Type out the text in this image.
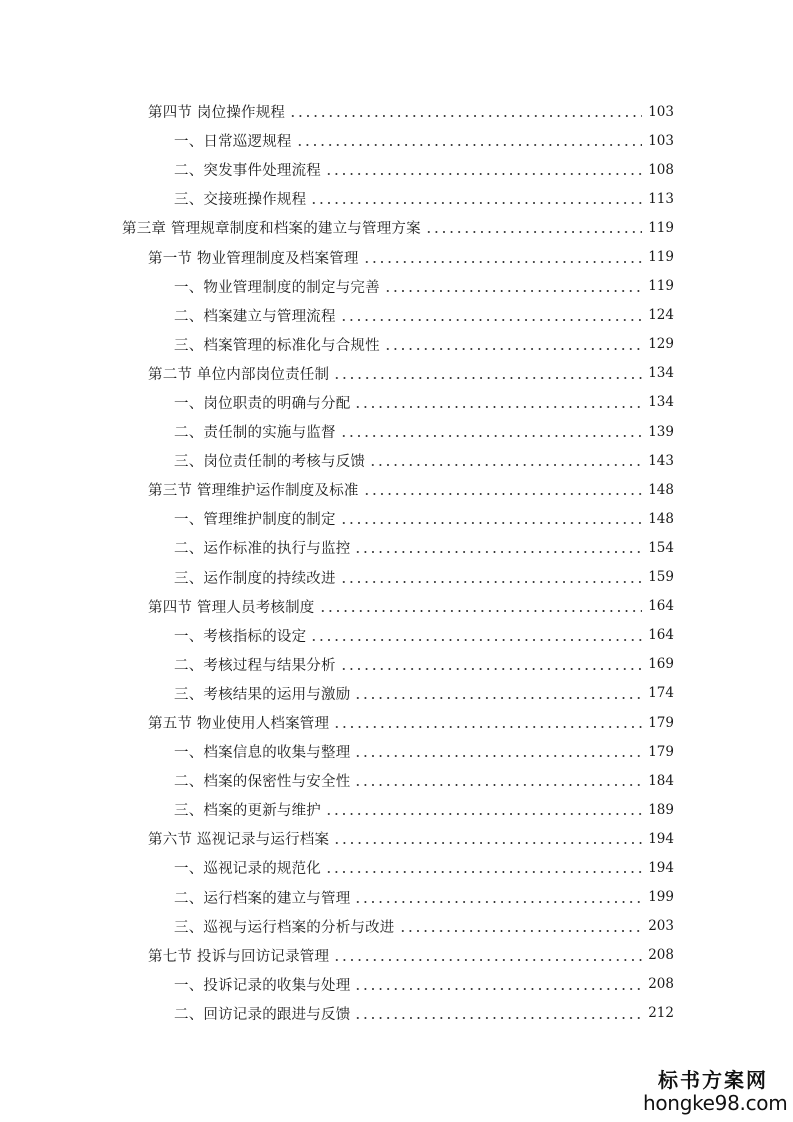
第四节 岗位操作规程	103
一、日常巡逻规程	103
二、突发事件处理流程	108
三、交接班操作规程	113
第三章 管理规章制度和档案的建立与管理方案	119
第一节 物业管理制度及档案管理	119
一、物业管理制度的制定与完善	119
二、档案建立与管理流程	124
三、档案管理的标准化与合规性	129
第二节 单位内部岗位责任制	134
一、岗位职责的明确与分配	134
二、责任制的实施与监督	139
三、岗位责任制的考核与反馈	143
第三节 管理维护运作制度及标准	148
一、管理维护制度的制定	148
二、运作标准的执行与监控	154
三、运作制度的持续改进	159
第四节 管理人员考核制度	164
一、考核指标的设定	164
二、考核过程与结果分析	169
三、考核结果的运用与激励	174
第五节 物业使用人档案管理	179
一、档案信息的收集与整理	179
二、档案的保密性与安全性	184
三、档案的更新与维护	189
第六节 巡视记录与运行档案	194
一、巡视记录的规范化	194
二、运行档案的建立与管理	199
三、巡视与运行档案的分析与改进	203
第七节 投诉与回访记录管理	208
一、投诉记录的收集与处理	208
二、回访记录的跟进与反馈	212
标书方案网
hongke98.com
